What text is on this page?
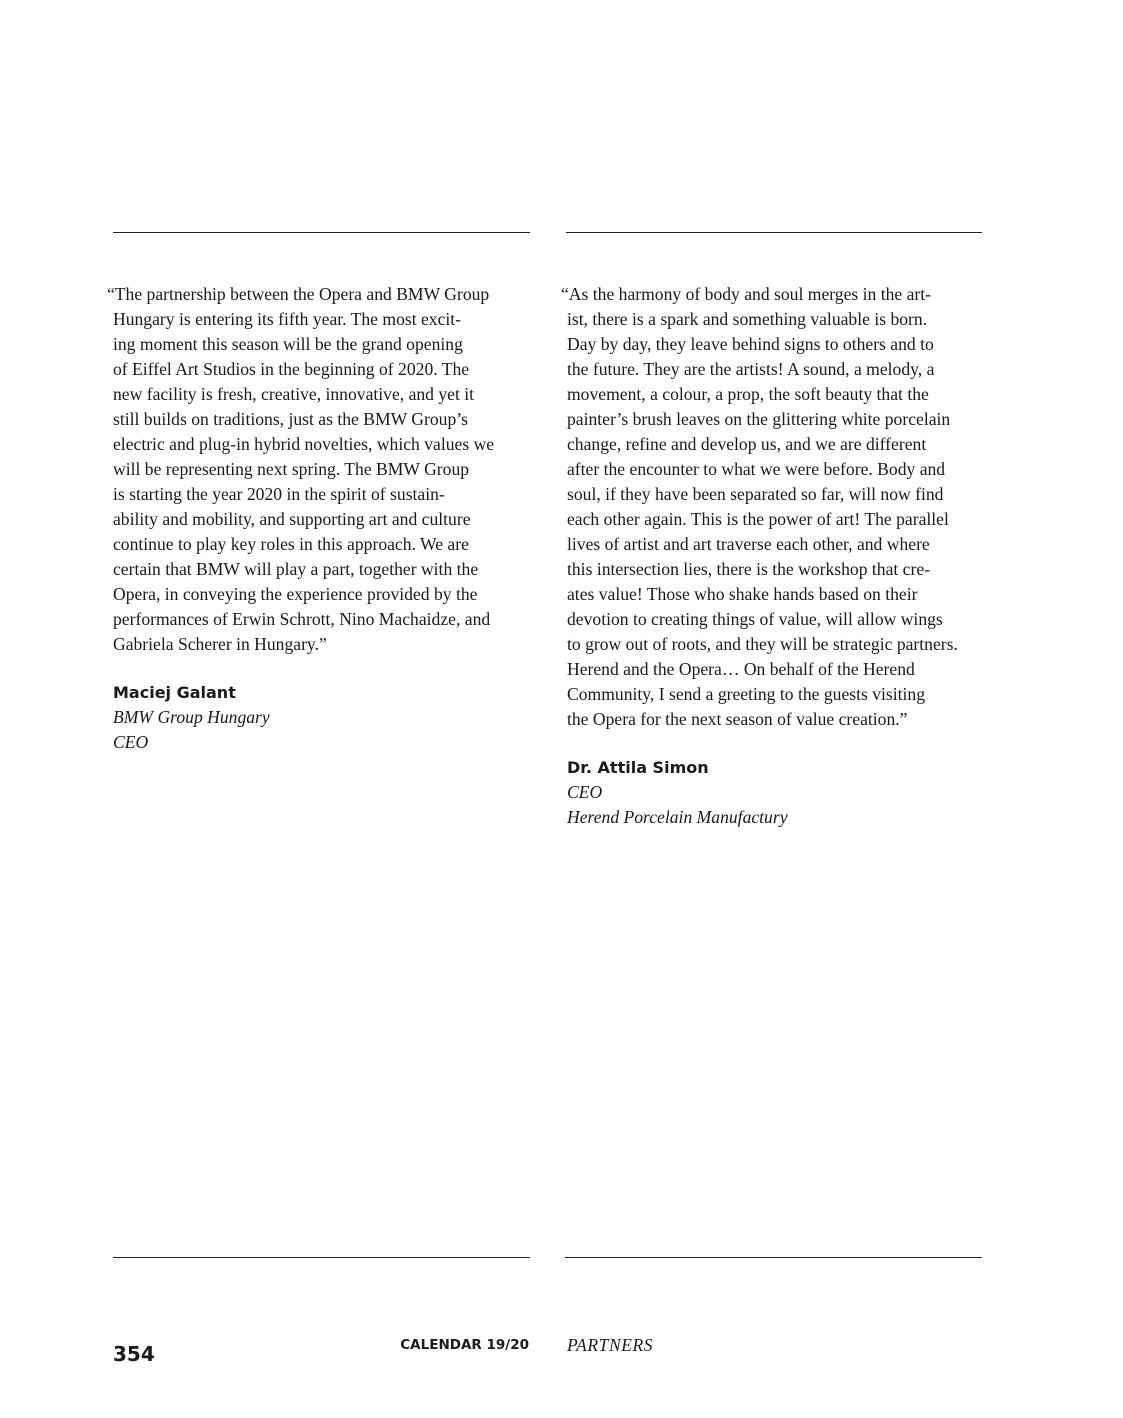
“The partnership between the Opera and BMW Group
Hungary is entering its fifth year. The most excit-
ing moment this season will be the grand opening
of Eiffel Art Studios in the beginning of 2020. The
new facility is fresh, creative, innovative, and yet it
still builds on traditions, just as the BMW Group’s
electric and plug-in hybrid novelties, which values we
will be representing next spring. The BMW Group
is starting the year 2020 in the spirit of sustain-
ability and mobility, and supporting art and culture
continue to play key roles in this approach. We are
certain that BMW will play a part, together with the
Opera, in conveying the experience provided by the
performances of Erwin Schrott, Nino Machaidze, and
Gabriela Scherer in Hungary.”

Maciej Galant
BMW Group Hungary
CEO

“As the harmony of body and soul merges in the art-
ist, there is a spark and something valuable is born.
Day by day, they leave behind signs to others and to
the future. They are the artists! A sound, a melody, a
movement, a colour, a prop, the soft beauty that the
painter’s brush leaves on the glittering white porcelain
change, refine and develop us, and we are different
after the encounter to what we were before. Body and
soul, if they have been separated so far, will now find
each other again. This is the power of art! The parallel
lives of artist and art traverse each other, and where
this intersection lies, there is the workshop that cre-
ates value! Those who shake hands based on their
devotion to creating things of value, will allow wings
to grow out of roots, and they will be strategic partners.
Herend and the Opera… On behalf of the Herend
Community, I send a greeting to the guests visiting
the Opera for the next season of value creation.”

Dr. Attila Simon
CEO
Herend Porcelain Manufactury
354	CALENDAR 19/20 PARTNERS
